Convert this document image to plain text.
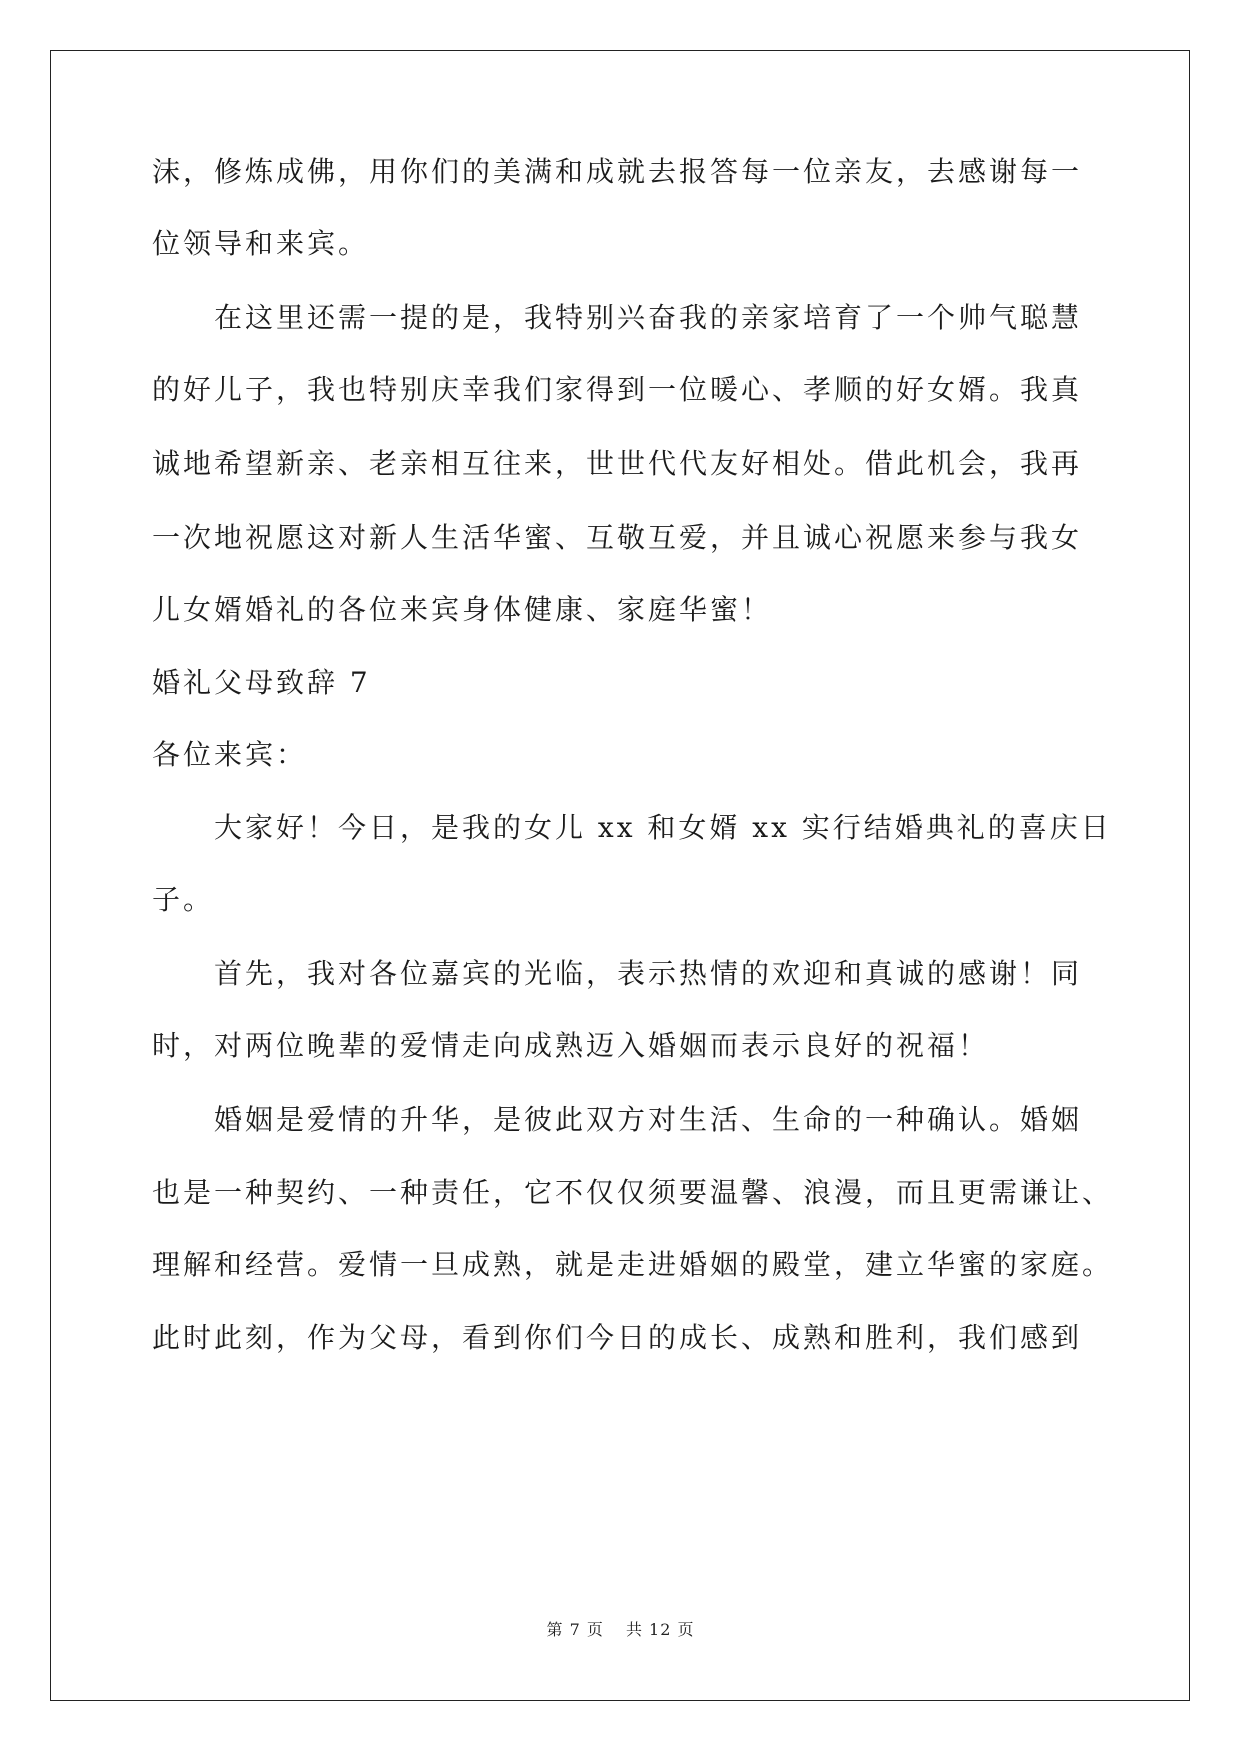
沫，修炼成佛，用你们的美满和成就去报答每一位亲友，去感谢每一
位领导和来宾。
在这里还需一提的是，我特别兴奋我的亲家培育了一个帅气聪慧
的好儿子，我也特别庆幸我们家得到一位暖心、孝顺的好女婿。我真
诚地希望新亲、老亲相互往来，世世代代友好相处。借此机会，我再
一次地祝愿这对新人生活华蜜、互敬互爱，并且诚心祝愿来参与我女
儿女婿婚礼的各位来宾身体健康、家庭华蜜！
婚礼父母致辞 7
各位来宾：
大家好！今日，是我的女儿 xx 和女婿 xx 实行结婚典礼的喜庆日
子。
首先，我对各位嘉宾的光临，表示热情的欢迎和真诚的感谢！同
时，对两位晚辈的爱情走向成熟迈入婚姻而表示良好的祝福！
婚姻是爱情的升华，是彼此双方对生活、生命的一种确认。婚姻
也是一种契约、一种责任，它不仅仅须要温馨、浪漫，而且更需谦让、
理解和经营。爱情一旦成熟，就是走进婚姻的殿堂，建立华蜜的家庭。
此时此刻，作为父母，看到你们今日的成长、成熟和胜利，我们感到
第 7 页 共 12 页
